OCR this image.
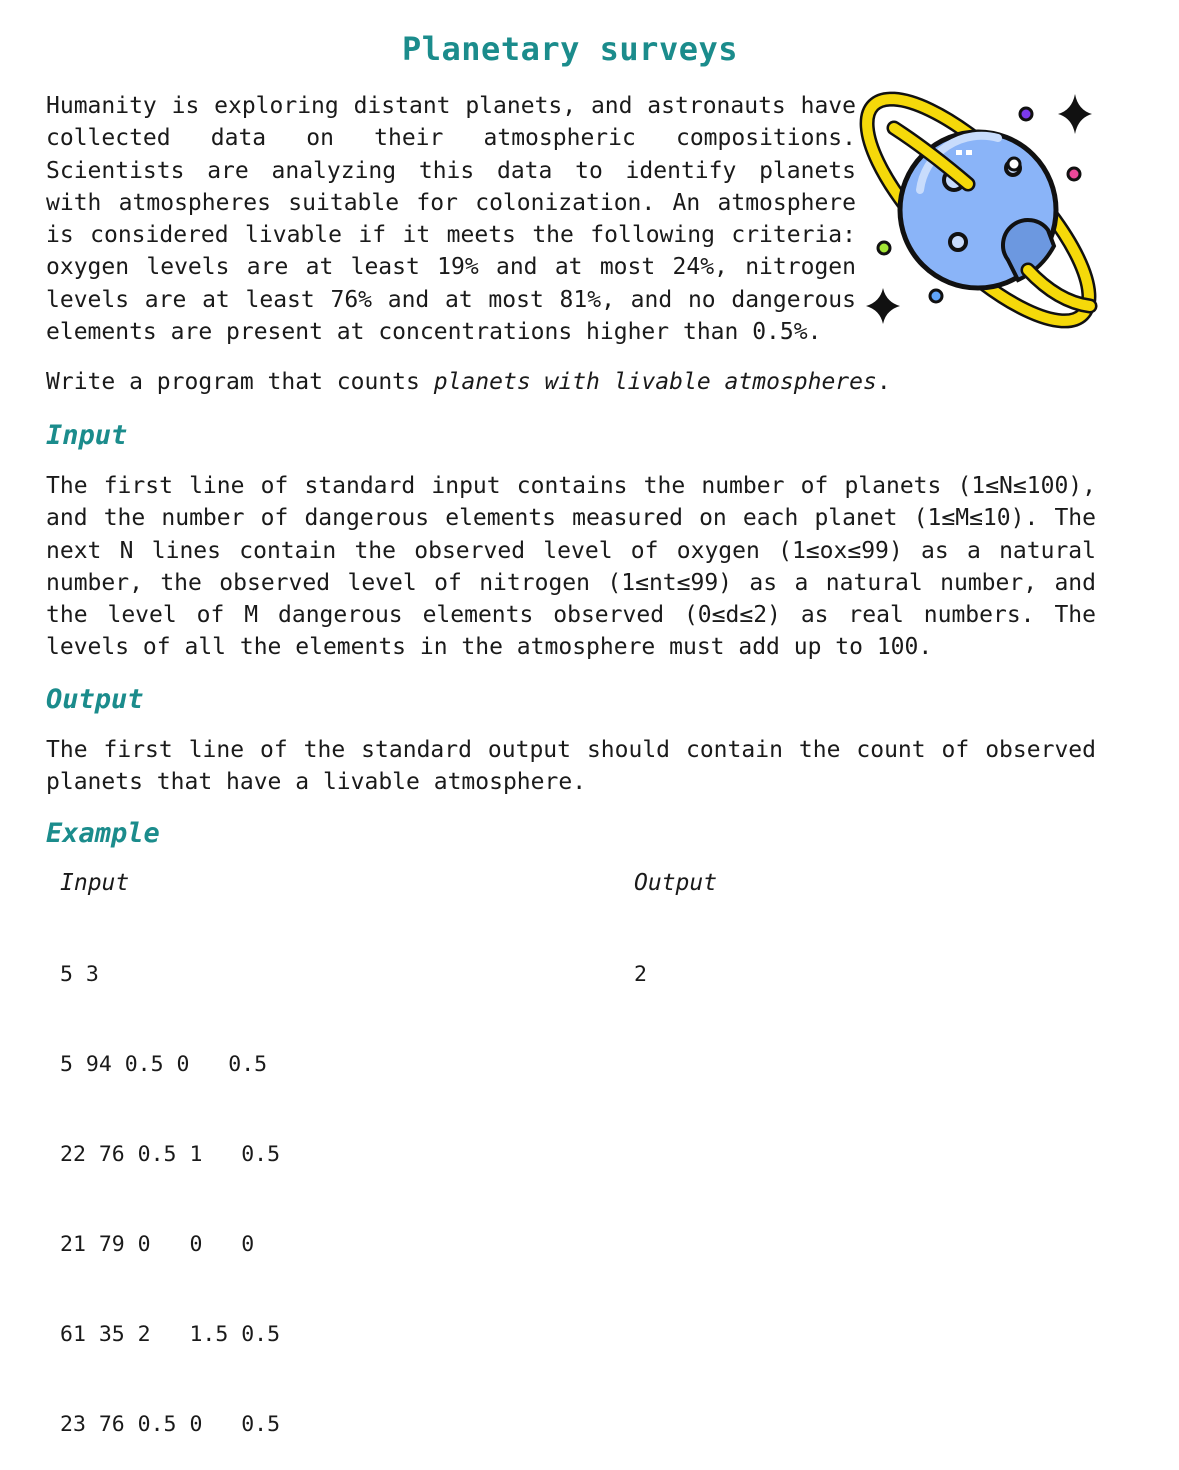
Planetary surveys

Humanity is exploring distant planets, and astronauts have collected data on their atmospheric compositions. Scientists are analyzing this data to identify planets with atmospheres suitable for colonization. An atmosphere is considered livable if it meets the following criteria: oxygen levels are at least 19% and at most 24%, nitrogen levels are at least 76% and at most 81%, and no dangerous elements are present at concentrations higher than 0.5%.

Write a program that counts planets with livable atmospheres.

Input

The first line of standard input contains the number of planets (1≤N≤100), and the number of dangerous elements measured on each planet (1≤M≤10). The next N lines contain the observed level of oxygen (1≤ox≤99) as a natural number, the observed level of nitrogen (1≤nt≤99) as a natural number, and the level of M dangerous elements observed (0≤d≤2) as real numbers. The levels of all the elements in the atmosphere must add up to 100.

Output

The first line of the standard output should contain the count of observed planets that have a livable atmosphere.

Example

Input

5 3

5 94 0.5 0   0.5

22 76 0.5 1   0.5

21 79 0   0   0

61 35 2   1.5 0.5

23 76 0.5 0   0.5

Output

2
